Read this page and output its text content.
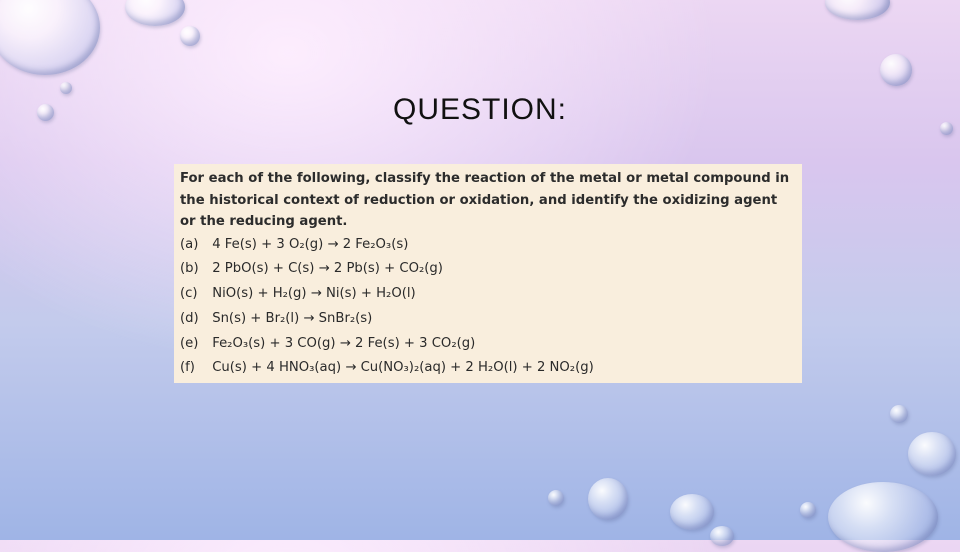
QUESTION:

For each of the following, classify the reaction of the metal or metal compound in the historical context of reduction or oxidation, and identify the oxidizing agent or the reducing agent.

(a) 4 Fe(s) + 3 O₂(g) → 2 Fe₂O₃(s)
(b) 2 PbO(s) + C(s) → 2 Pb(s) + CO₂(g)
(c) NiO(s) + H₂(g) → Ni(s) + H₂O(l)
(d) Sn(s) + Br₂(l) → SnBr₂(s)
(e) Fe₂O₃(s) + 3 CO(g) → 2 Fe(s) + 3 CO₂(g)
(f) Cu(s) + 4 HNO₃(aq) → Cu(NO₃)₂(aq) + 2 H₂O(l) + 2 NO₂(g)
